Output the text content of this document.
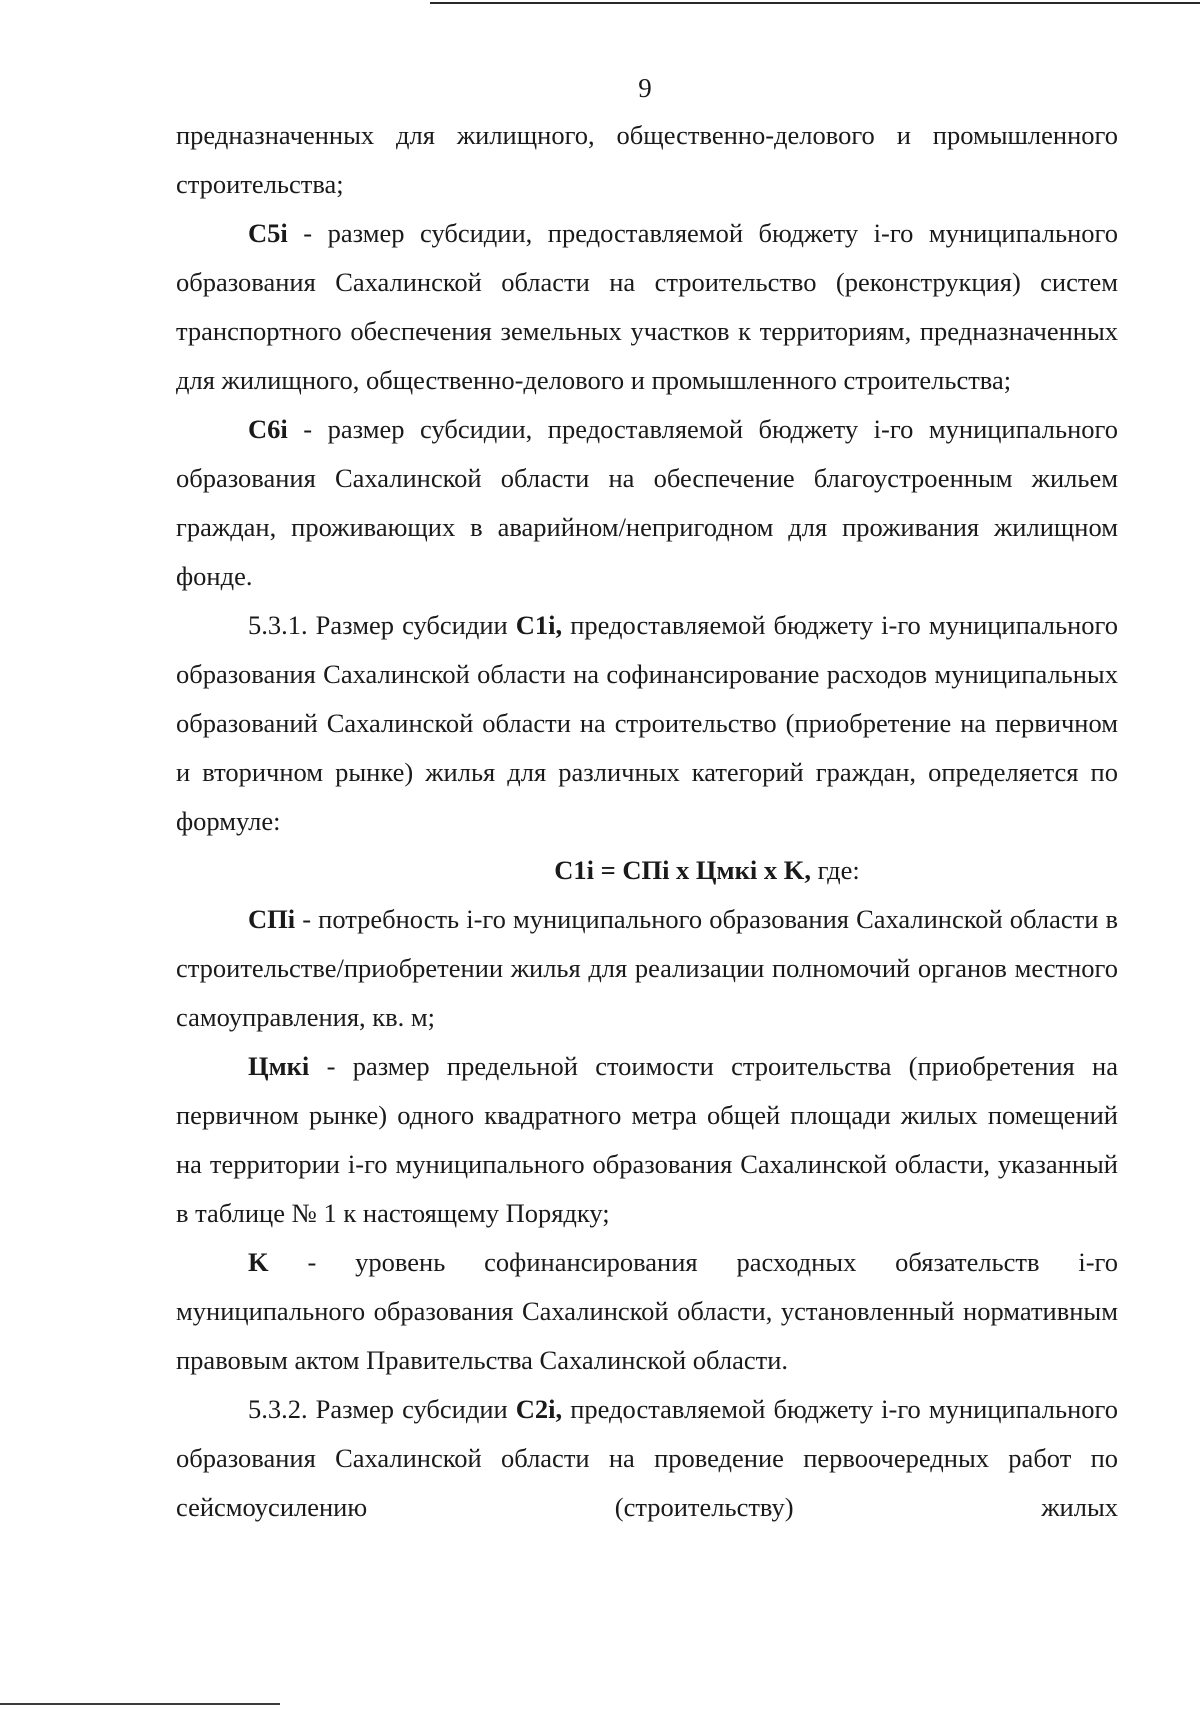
9

предназначенных для жилищного, общественно-делового и промышленного строительства;

C5i - размер субсидии, предоставляемой бюджету i-го муниципального образования Сахалинской области на строительство (реконструкция) систем транспортного обеспечения земельных участков к территориям, предназначенных для жилищного, общественно-делового и промышленного строительства;

C6i - размер субсидии, предоставляемой бюджету i-го муниципального образования Сахалинской области на обеспечение благоустроенным жильем граждан, проживающих в аварийном/непригодном для проживания жилищном фонде.

5.3.1. Размер субсидии C1i, предоставляемой бюджету i-го муниципального образования Сахалинской области на софинансирование расходов муниципальных образований Сахалинской области на строительство (приобретение на первичном и вторичном рынке) жилья для различных категорий граждан, определяется по формуле:

C1i = CПi x Цмкi x K, где:

CПi - потребность i-го муниципального образования Сахалинской области в строительстве/приобретении жилья для реализации полномочий органов местного самоуправления, кв. м;

Цмкi - размер предельной стоимости строительства (приобретения на первичном рынке) одного квадратного метра общей площади жилых помещений на территории i-го муниципального образования Сахалинской области, указанный в таблице № 1 к настоящему Порядку;

K - уровень софинансирования расходных обязательств i-го муниципального образования Сахалинской области, установленный нормативным правовым актом Правительства Сахалинской области.

5.3.2. Размер субсидии C2i, предоставляемой бюджету i-го муниципального образования Сахалинской области на проведение первоочередных работ по сейсмоусилению (строительству) жилых
